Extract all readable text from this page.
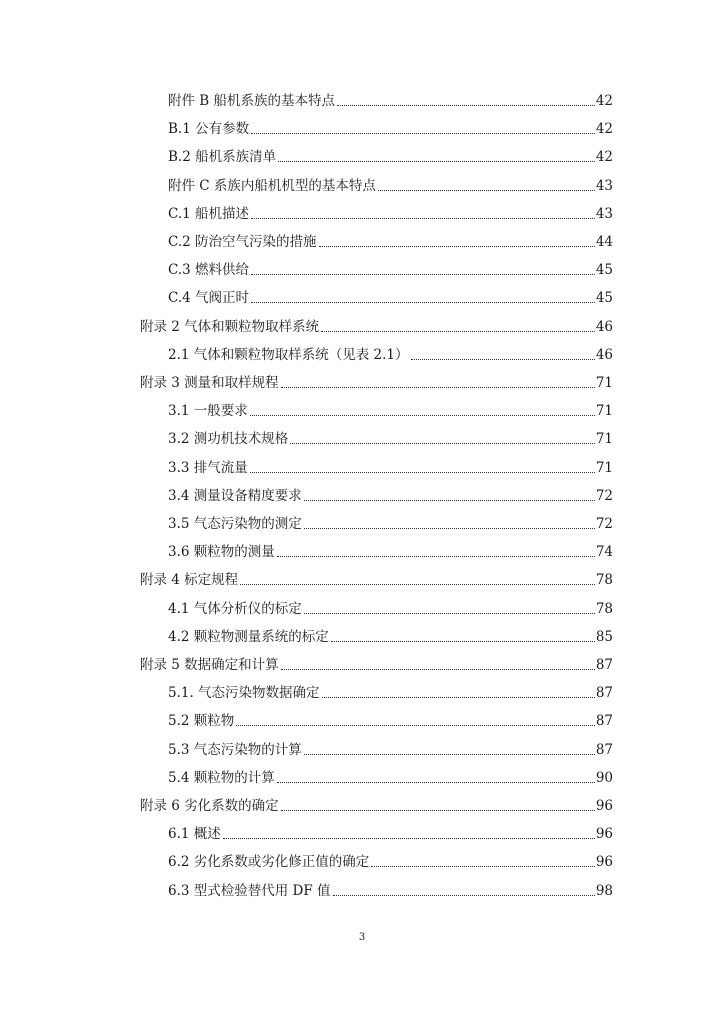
附件 B 船机系族的基本特点	42
B.1 公有参数	42
B.2 船机系族清单	42
附件 C 系族内船机机型的基本特点	43
C.1 船机描述	43
C.2 防治空气污染的措施	44
C.3 燃料供给	45
C.4 气阀正时	45
附录 2 气体和颗粒物取样系统	46
2.1 气体和颗粒物取样系统（见表 2.1）	46
附录 3 测量和取样规程	71
3.1 一般要求	71
3.2 测功机技术规格	71
3.3 排气流量	71
3.4 测量设备精度要求	72
3.5 气态污染物的测定	72
3.6 颗粒物的测量	74
附录 4 标定规程	78
4.1 气体分析仪的标定	78
4.2 颗粒物测量系统的标定	85
附录 5 数据确定和计算	87
5.1. 气态污染物数据确定	87
5.2 颗粒物	87
5.3 气态污染物的计算	87
5.4 颗粒物的计算	90
附录 6 劣化系数的确定	96
6.1 概述	96
6.2 劣化系数或劣化修正值的确定	96
6.3 型式检验替代用 DF 值	98
3
